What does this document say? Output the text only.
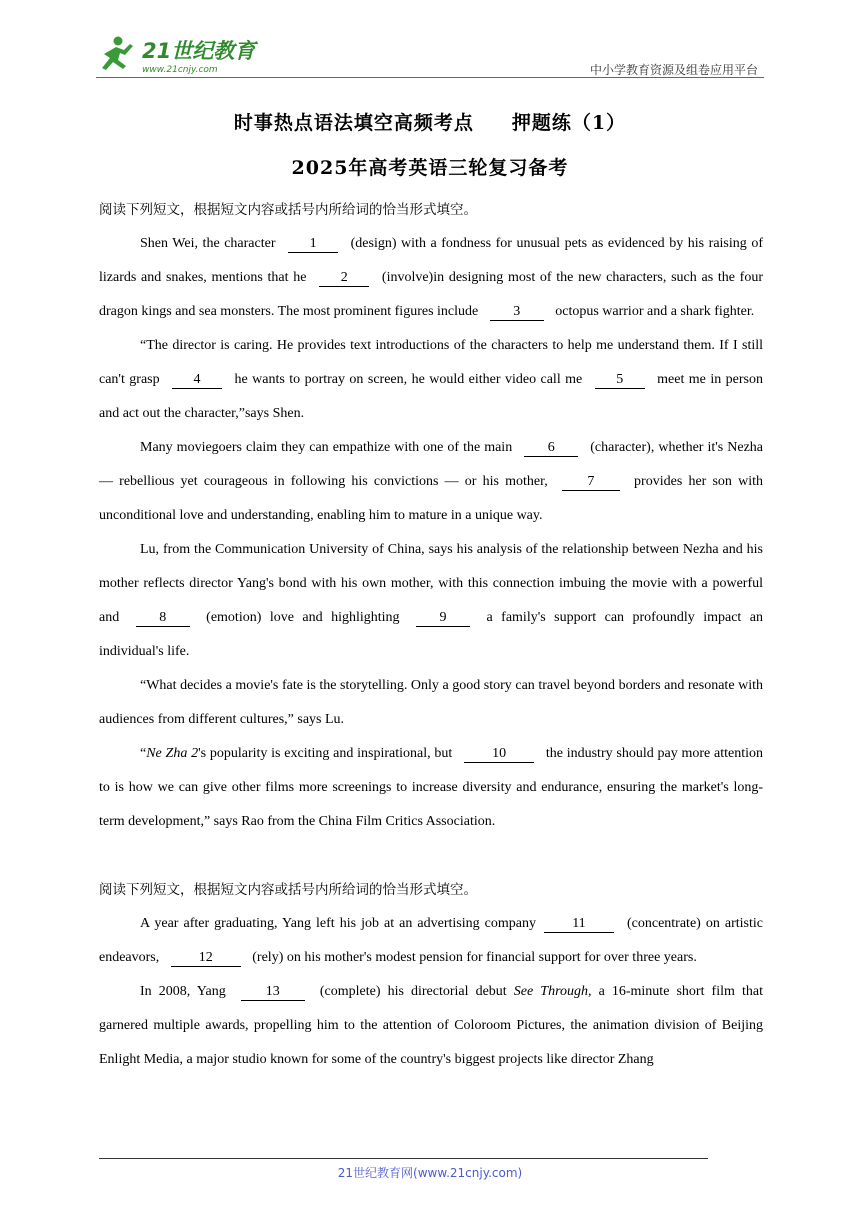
21世纪教育
www.21cnjy.com	中小学教育资源及组卷应用平台
时事热点语法填空高频考点 押题练（1）
2025年高考英语三轮复习备考
阅读下列短文，根据短文内容或括号内所给词的恰当形式填空。

Shen Wei, the character 1 (design) with a fondness for unusual pets as evidenced by his raising of lizards and snakes, mentions that he 2 (involve)in designing most of the new characters, such as the four dragon kings and sea monsters. The most prominent figures include 3 octopus warrior and a shark fighter.

“The director is caring. He provides text introductions of the characters to help me understand them. If I still can't grasp 4 he wants to portray on screen, he would either video call me 5 meet me in person and act out the character,”says Shen.

Many moviegoers claim they can empathize with one of the main 6 (character), whether it's Nezha — rebellious yet courageous in following his convictions — or his mother, 7 provides her son with unconditional love and understanding, enabling him to mature in a unique way.

Lu, from the Communication University of China, says his analysis of the relationship between Nezha and his mother reflects director Yang's bond with his own mother, with this connection imbuing the movie with a powerful and 8 (emotion) love and highlighting 9 a family's support can profoundly impact an individual's life.

“What decides a movie's fate is the storytelling. Only a good story can travel beyond borders and resonate with audiences from different cultures,” says Lu.

“Ne Zha 2's popularity is exciting and inspirational, but	10	the industry should pay more attention to is how we can give other films more screenings to increase diversity and endurance, ensuring the market's long-term development,” says Rao from the China Film Critics Association.

阅读下列短文，根据短文内容或括号内所给词的恰当形式填空。

A year after graduating, Yang left his job at an advertising company	11	(concentrate) on artistic endeavors,	12	(rely) on his mother's modest pension for financial support for over three years.

In 2008, Yang 13 (complete) his directorial debut See Through, a 16-minute short film that garnered multiple awards, propelling him to the attention of Coloroom Pictures, the animation division of Beijing Enlight Media, a major studio known for some of the country's biggest projects like director Zhang

21世纪教育网(www.21cnjy.com)
